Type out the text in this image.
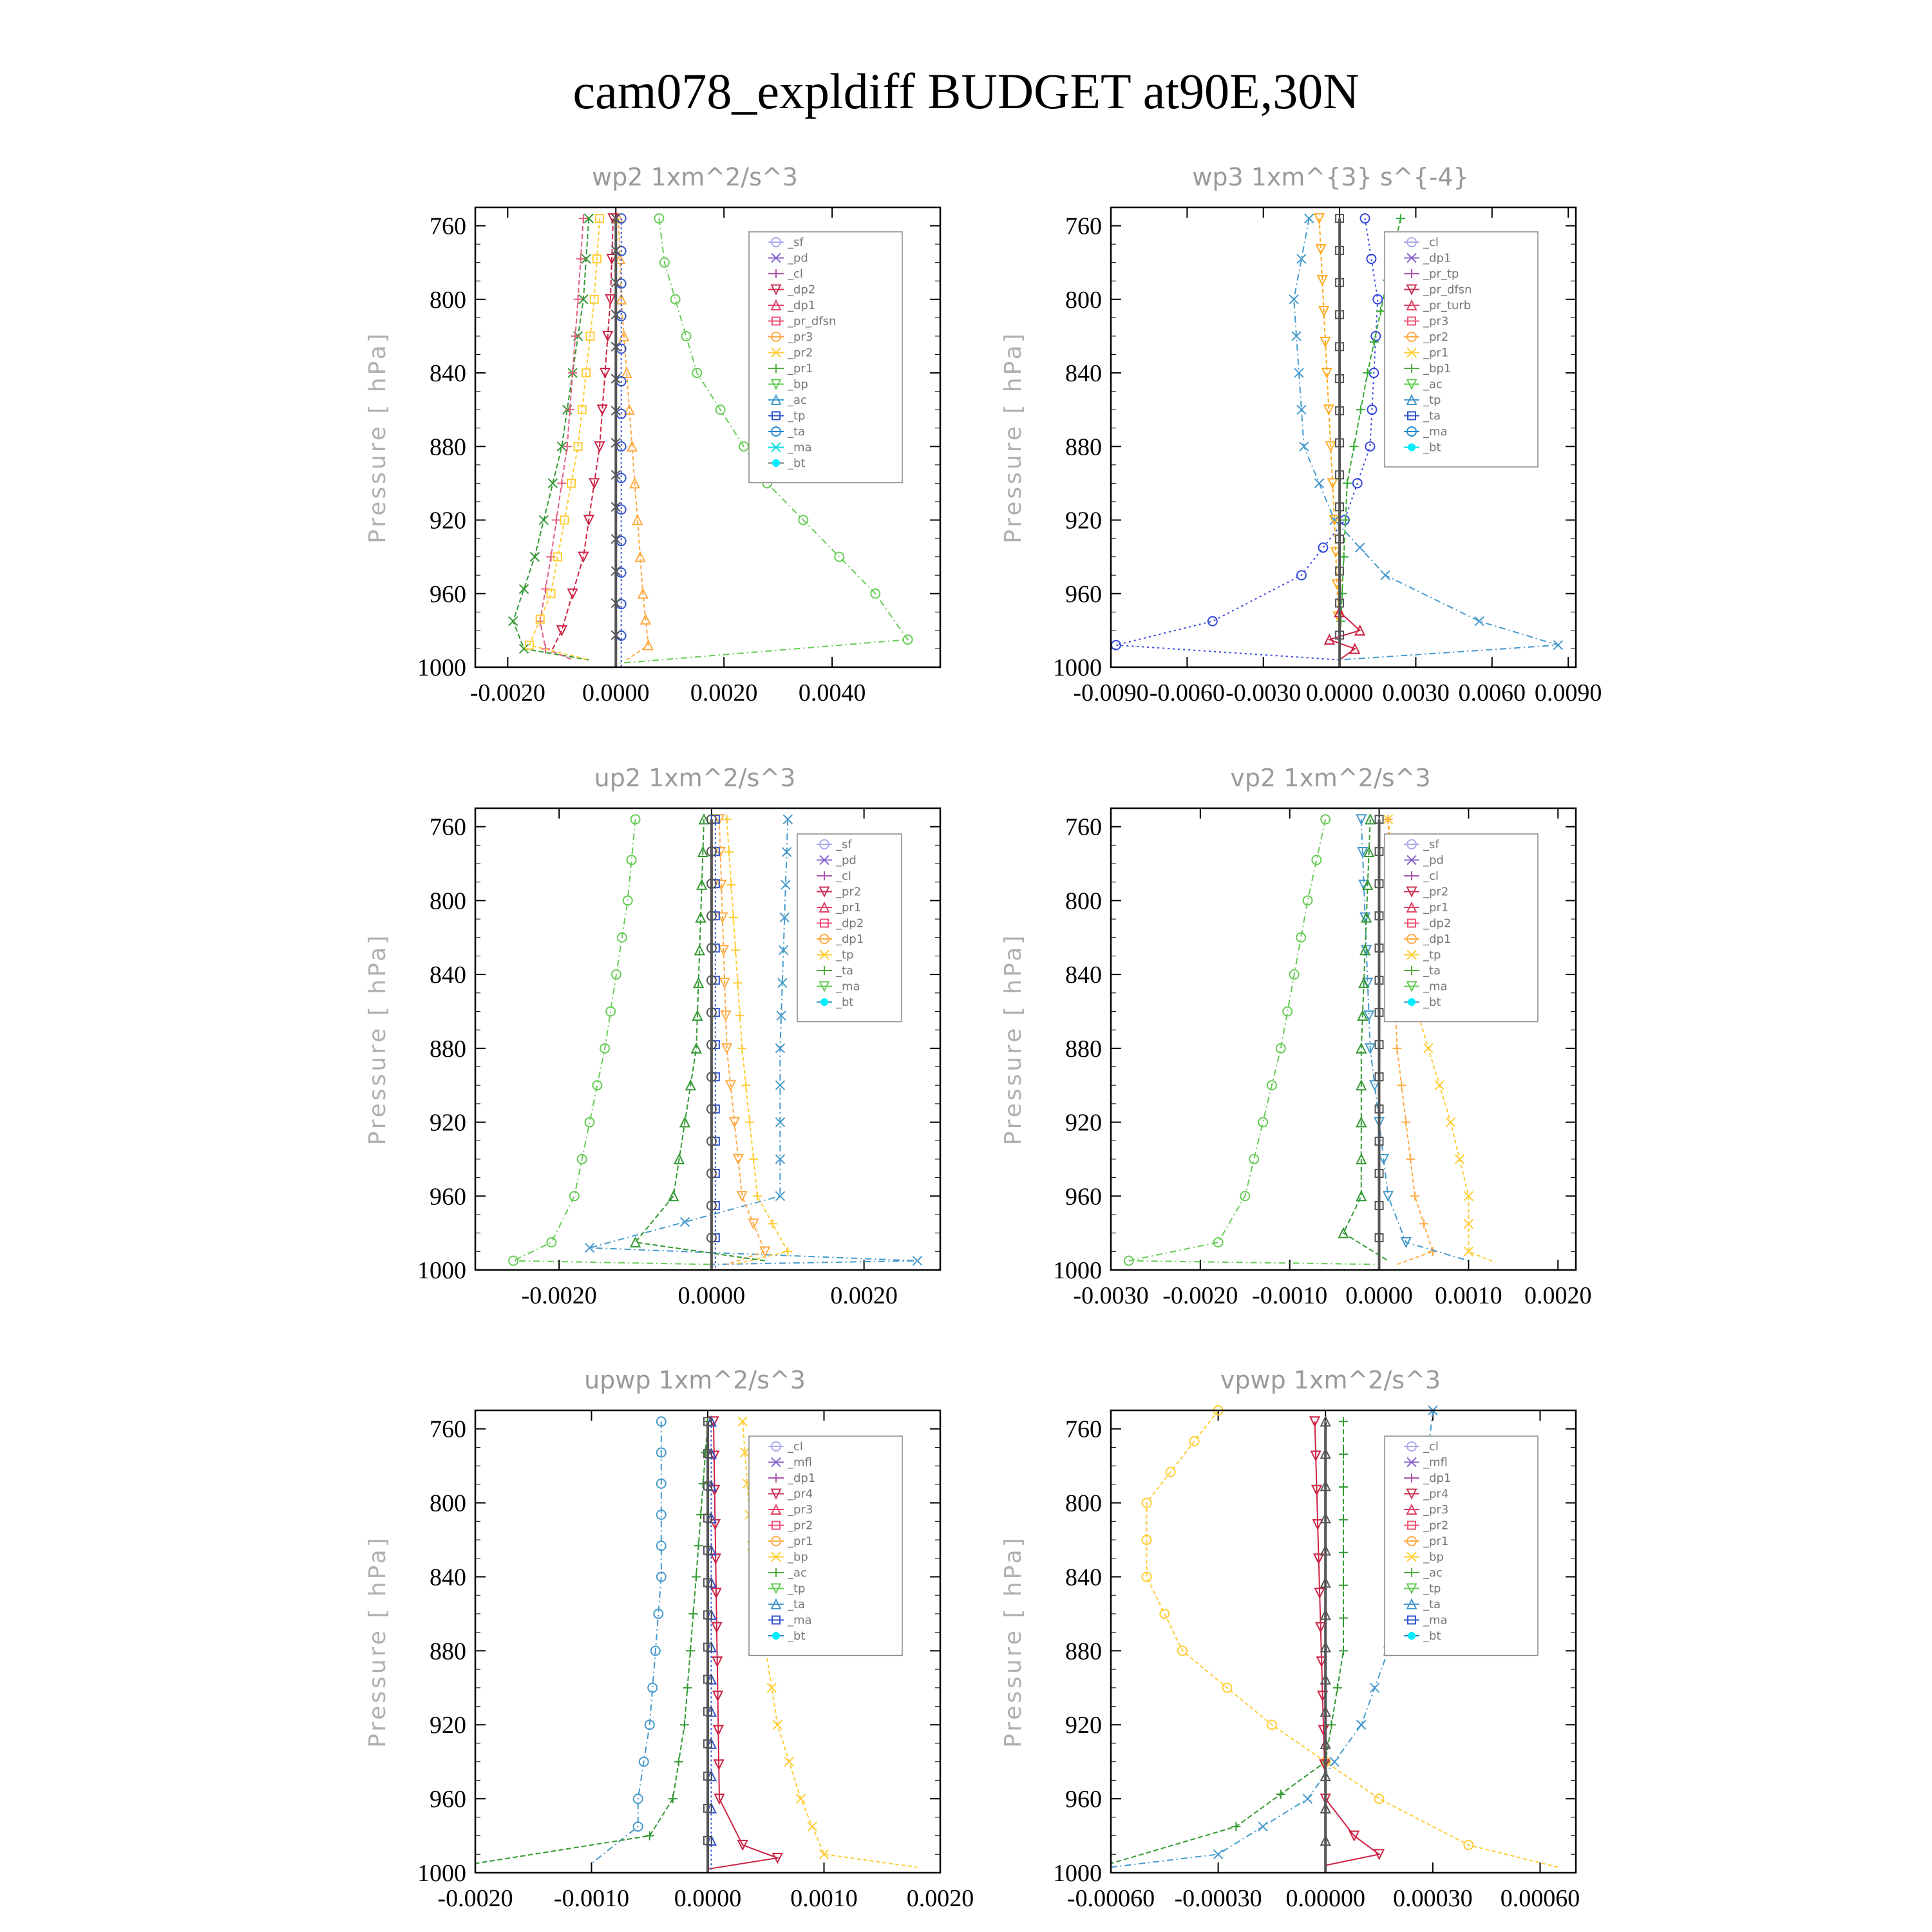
cam078_expldiff BUDGET at90E,30N
wp2 1xm^2/s^3
Pressure [ hPa]
760
800
840
880
920
960
1000
-0.0020 0.0000 0.0020 0.0040
_sf
_pd
_cl
_dp2
_dp1
_pr_dfsn
_pr3
_pr2
_pr1
_bp
_ac
_tp
_ta
_ma
_bt
wp3 1xm^{3} s^{-4}
Pressure [ hPa]
760
800
840
880
920
960
1000
-0.0090 -0.0060 -0.0030 0.0000 0.0030 0.0060 0.0090
_cl
_dp1
_pr_tp
_pr_dfsn
_pr_turb
_pr3
_pr2
_pr1
_bp1
_ac
_tp
_ta
_ma
_bt
up2 1xm^2/s^3
Pressure [ hPa]
760
800
840
880
920
960
1000
-0.0020	0.0000	0.0020
_sf
_pd
_cl
_pr2
_pr1
_dp2
_dp1
_tp
_ta
_ma
_bt
vp2 1xm^2/s^3
Pressure [ hPa]
760
800
840
880
920
960
1000
-0.0030 -0.0020 -0.0010 0.0000 0.0010 0.0020
_sf
_pd
_cl
_pr2
_pr1
_dp2
_dp1
_tp
_ta
_ma
_bt
upwp 1xm^2/s^3
Pressure [ hPa]
760
800
840
880
920
960
1000
-0.0020 -0.0010 0.0000 0.0010 0.0020
_cl
_mfl
_dp1
_pr4
_pr3
_pr2
_pr1
_bp
_ac
_tp
_ta
_ma
_bt
vpwp 1xm^2/s^3
Pressure [ hPa]
760
800
840
880
920
960
1000
-0.00060 -0.00030 0.00000 0.00030 0.00060
_cl
_mfl
_dp1
_pr4
_pr3
_pr2
_pr1
_bp
_ac
_tp
_ta
_ma
_bt
